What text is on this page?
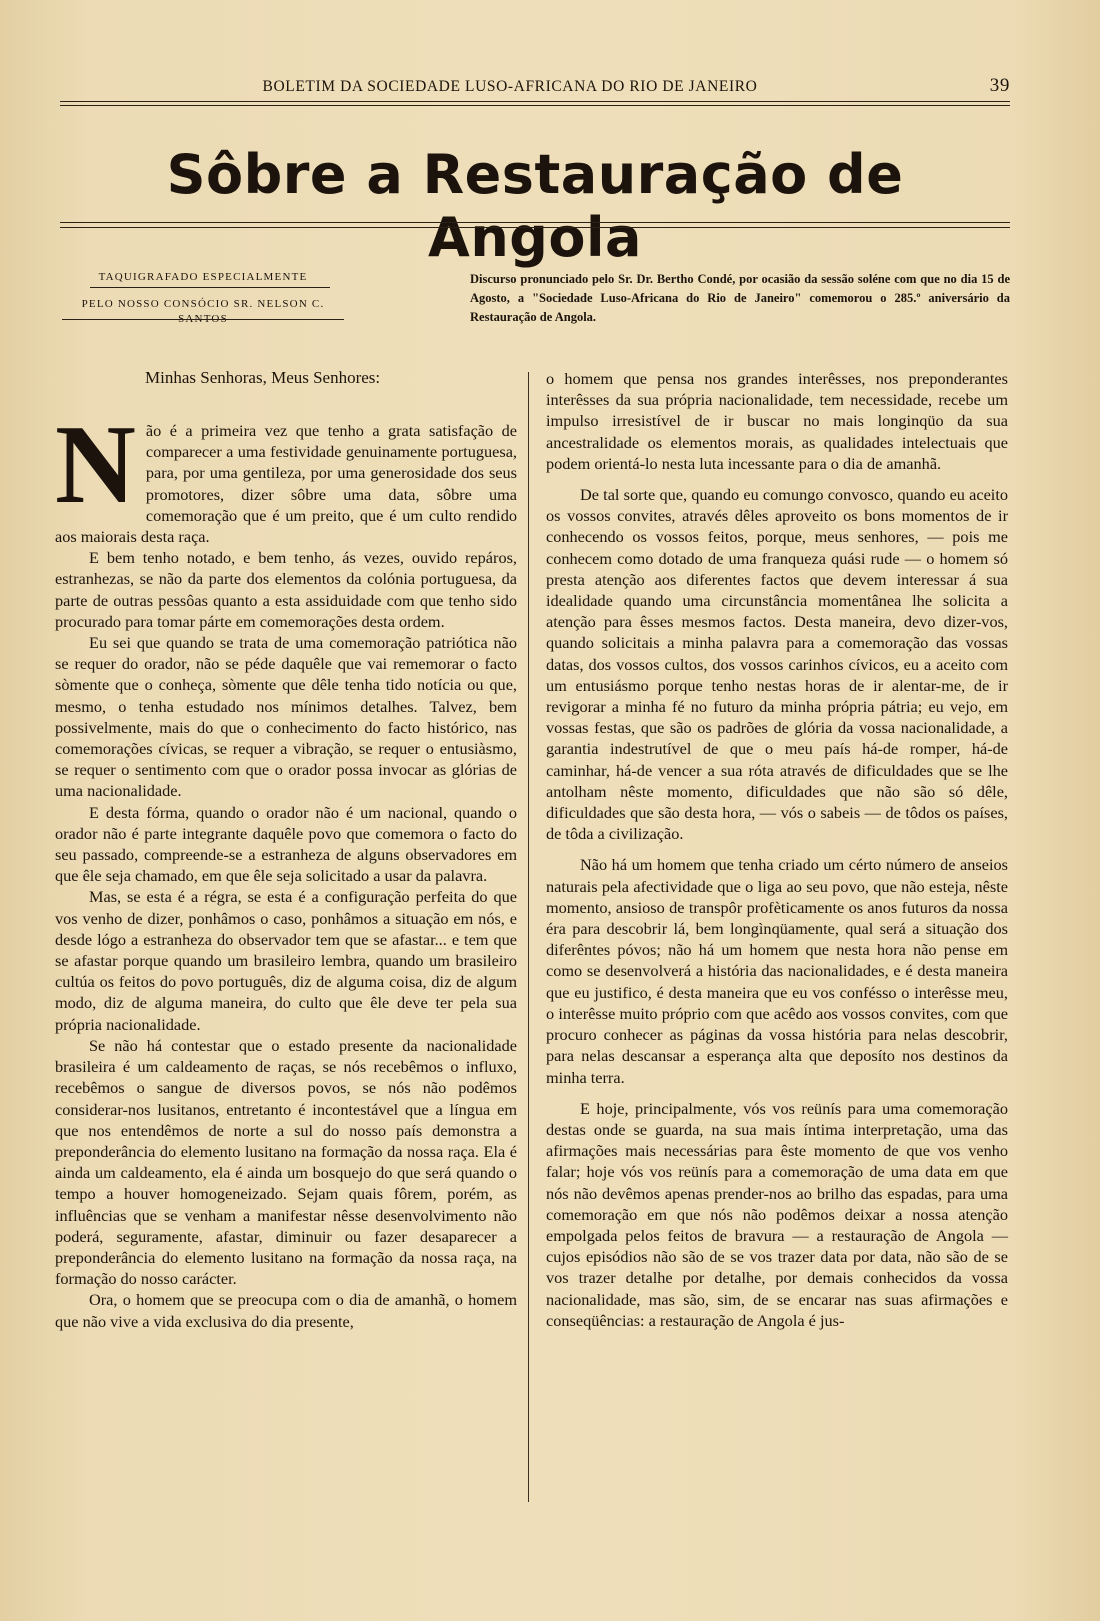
BOLETIM DA SOCIEDADE LUSO-AFRICANA DO RIO DE JANEIRO	39
Sôbre a Restauração de Angola
TAQUIGRAFADO ESPECIALMENTE
PELO NOSSO CONSÓCIO SR. NELSON C. SANTOS
Discurso pronunciado pelo Sr. Dr. Bertho Condé, por ocasião da sessão soléne com que no dia 15 de Agosto, a "Sociedade Luso-Africana do Rio de Janeiro" comemorou o 285.º aniversário da Restauração de Angola.
Minhas Senhoras, Meus Senhores:

Não é a primeira vez que tenho a grata satisfação de comparecer a uma festividade genuinamente portuguesa, para, por uma gentileza, por uma generosidade dos seus promotores, dizer sôbre uma data, sôbre uma comemoração que é um preito, que é um culto rendido aos maiorais desta raça.

E bem tenho notado, e bem tenho, ás vezes, ouvido repáros, estranhezas, se não da parte dos elementos da colónia portuguesa, da parte de outras pessôas quanto a esta assiduidade com que tenho sido procurado para tomar párte em comemorações desta ordem.

Eu sei que quando se trata de uma comemoração patriótica não se requer do orador, não se péde daquêle que vai rememorar o facto sòmente que o conheça, sòmente que dêle tenha tido notícia ou que, mesmo, o tenha estudado nos mínimos detalhes. Talvez, bem possivelmente, mais do que o conhecimento do facto histórico, nas comemorações cívicas, se requer a vibração, se requer o entusiàsmo, se requer o sentimento com que o orador possa invocar as glórias de uma nacionalidade.

E desta fórma, quando o orador não é um nacional, quando o orador não é parte integrante daquêle povo que comemora o facto do seu passado, compreende-se a estranheza de alguns observadores em que êle seja chamado, em que êle seja solicitado a usar da palavra.

Mas, se esta é a régra, se esta é a configuração perfeita do que vos venho de dizer, ponhâmos o caso, ponhâmos a situação em nós, e desde lógo a estranheza do observador tem que se afastar... e tem que se afastar porque quando um brasileiro lembra, quando um brasileiro cultúa os feitos do povo português, diz de alguma coisa, diz de algum modo, diz de alguma maneira, do culto que êle deve ter pela sua própria nacionalidade.

Se não há contestar que o estado presente da nacionalidade brasileira é um caldeamento de raças, se nós recebêmos o influxo, recebêmos o sangue de diversos povos, se nós não podêmos considerar-nos lusitanos, entretanto é incontestável que a língua em que nos entendêmos de norte a sul do nosso país demonstra a preponderância do elemento lusitano na formação da nossa raça. Ela é ainda um caldeamento, ela é ainda um bosquejo do que será quando o tempo a houver homogeneizado. Sejam quais fôrem, porém, as influências que se venham a manifestar nêsse desenvolvimento não poderá, seguramente, afastar, diminuir ou fazer desaparecer a preponderância do elemento lusitano na formação da nossa raça, na formação do nosso carácter.

Ora, o homem que se preocupa com o dia de amanhã, o homem que não vive a vida exclusiva do dia presente,

o homem que pensa nos grandes interêsses, nos preponderantes interêsses da sua própria nacionalidade, tem necessidade, recebe um impulso irresistível de ir buscar no mais longinqüo da sua ancestralidade os elementos morais, as qualidades intelectuais que podem orientá-lo nesta luta incessante para o dia de amanhã.

De tal sorte que, quando eu comungo convosco, quando eu aceito os vossos convites, através dêles aproveito os bons momentos de ir conhecendo os vossos feitos, porque, meus senhores, — pois me conhecem como dotado de uma franqueza quási rude — o homem só presta atenção aos diferentes factos que devem interessar á sua idealidade quando uma circunstância momentânea lhe solicita a atenção para êsses mesmos factos. Desta maneira, devo dizer-vos, quando solicitais a minha palavra para a comemoração das vossas datas, dos vossos cultos, dos vossos carinhos cívicos, eu a aceito com um entusiásmo porque tenho nestas horas de ir alentar-me, de ir revigorar a minha fé no futuro da minha própria pátria; eu vejo, em vossas festas, que são os padrões de glória da vossa nacionalidade, a garantia indestrutível de que o meu país há-de romper, há-de caminhar, há-de vencer a sua róta através de dificuldades que se lhe antolham nêste momento, dificuldades que não são só dêle, dificuldades que são desta hora, — vós o sabeis — de tôdos os países, de tôda a civilização.

Não há um homem que tenha criado um cérto número de anseios naturais pela afectividade que o liga ao seu povo, que não esteja, nêste momento, ansioso de transpôr profèticamente os anos futuros da nossa éra para descobrir lá, bem longìnqüamente, qual será a situação dos diferêntes póvos; não há um homem que nesta hora não pense em como se desenvolverá a história das nacionalidades, e é desta maneira que eu justifico, é desta maneira que eu vos confésso o interêsse meu, o interêsse muito próprio com que acêdo aos vossos convites, com que procuro conhecer as páginas da vossa história para nelas descobrir, para nelas descansar a esperança alta que deposíto nos destinos da minha terra.

E hoje, principalmente, vós vos reünís para uma comemoração destas onde se guarda, na sua mais íntima interpretação, uma das afirmações mais necessárias para êste momento de que vos venho falar; hoje vós vos reünís para a comemoração de uma data em que nós não devêmos apenas prender-nos ao brilho das espadas, para uma comemoração em que nós não podêmos deixar a nossa atenção empolgada pelos feitos de bravura — a restauração de Angola — cujos episódios não são de se vos trazer data por data, não são de se vos trazer detalhe por detalhe, por demais conhecidos da vossa nacionalidade, mas são, sim, de se encarar nas suas afirmações e conseqüências: a restauração de Angola é jus-
